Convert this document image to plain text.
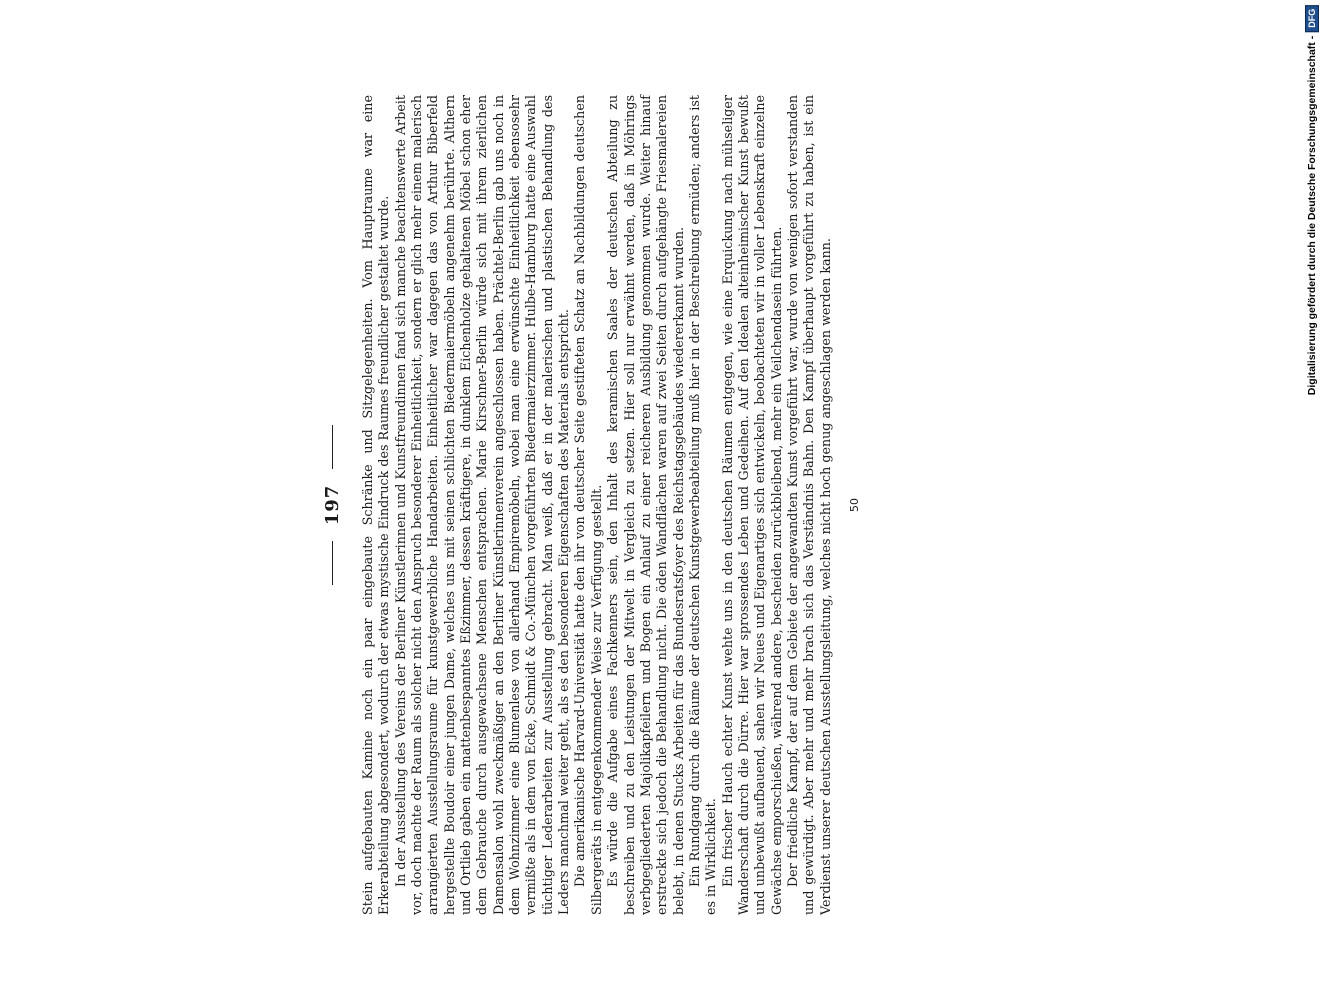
197 Stein aufgebauten Kamine noch ein paar eingebaute Schränke und Sitzgelegenheiten. Vom Hauptraume war eine Erkerabteilung abgesondert, wodurch der etwas mystische Eindruck des Raumes freundlicher gestaltet wurde. In der Ausstellung des Vereins der Berliner Künstlerinnen und Kunstfreundinnen fand sich manche beachtenswerte Arbeit vor, doch machte der Raum als solcher nicht den Anspruch besonderer Einheitlichkeit, sondern er glich mehr einem malerisch arrangierten Ausstellungsraume für kunstgewerbliche Handarbeiten. Einheitlicher war dagegen das von Arthur Biberfeld hergestellte Boudoir einer jungen Dame, welches uns mit seinen schlichten Biedermaiermöbeln angenehm berührte. Althern und Ortlieb gaben ein mattenbespanntes Eßzimmer, dessen kräftigere, in dunklem Eichenholze gehaltenen Möbel schon eher dem Gebrauche durch ausgewachsene Menschen entsprachen. Marie Kirschner-Berlin würde sich mit ihrem zierlichen Damensalon wohl zweckmäßiger an den Berliner Künstlerinnenverein angeschlossen haben. Prächtel-Berlin gab uns noch in dem Wohnzimmer eine Blumenlese von allerhand Empiremöbeln, wobei man eine erwünschte Einheitlichkeit ebensosehr vermißte als in dem von Ecke, Schmidt & Co.-München vorgeführten Biedermaierzimmer. Hulbe-Hamburg hatte eine Auswahl tüchtiger Lederarbeiten zur Ausstellung gebracht. Man weiß, daß er in der malerischen und plastischen Behandlung des Leders manchmal weiter geht, als es den besonderen Eigenschaften des Materials entspricht. Die amerikanische Harvard-Universität hatte den ihr von deutscher Seite gestifteten Schatz an Nachbildungen deutschen Silbergeräts in entgegenkommender Weise zur Verfügung gestellt. Es würde die Aufgabe eines Fachkenners sein, den Inhalt des keramischen Saales der deutschen Abteilung zu beschreiben und zu den Leistungen der Mitwelt in Vergleich zu setzen. Hier soll nur erwähnt werden, daß in Möhrings verbgegliederten Majolikapfeilern und Bogen ein Anlauf zu einer reicheren Ausbildung genommen wurde. Weiter hinauf erstreckte sich jedoch die Behandlung nicht. Die öden Wandflächen waren auf zwei Seiten durch aufgehängte Friesmalereien belebt, in denen Stucks Arbeiten für das Bundesratsfoyer des Reichstagsgebäudes wiedererkannt wurden. Ein Rundgang durch die Räume der deutschen Kunstgewerbeabteilung muß hier in der Beschreibung ermüden; anders ist es in Wirklichkeit. Ein frischer Hauch echter Kunst wehte uns in den deutschen Räumen entgegen, wie eine Erquickung nach mühseliger Wanderschaft durch die Dürre. Hier war sprossendes Leben und Gedeihen. Auf den Idealen alteinheimischer Kunst bewußt und unbewußt aufbauend, sahen wir Neues und Eigenartiges sich entwickeln, beobachteten wir in voller Lebenskraft einzelne Gewächse emporschießen, während andere, bescheiden zurückbleibend, mehr ein Veilchendasein führten. Der friedliche Kampf, der auf dem Gebiete der angewandten Kunst vorgeführt war, wurde von wenigen sofort verstanden und gewürdigt. Aber mehr und mehr brach sich das Verständnis Bahn. Den Kampf überhaupt vorgeführt zu haben, ist ein Verdienst unserer deutschen Ausstellungsleitung, welches nicht hoch genug angeschlagen werden kann. 50
Digitalisierung gefördert durch die Deutsche Forschungsgemeinschaft -
DFG
